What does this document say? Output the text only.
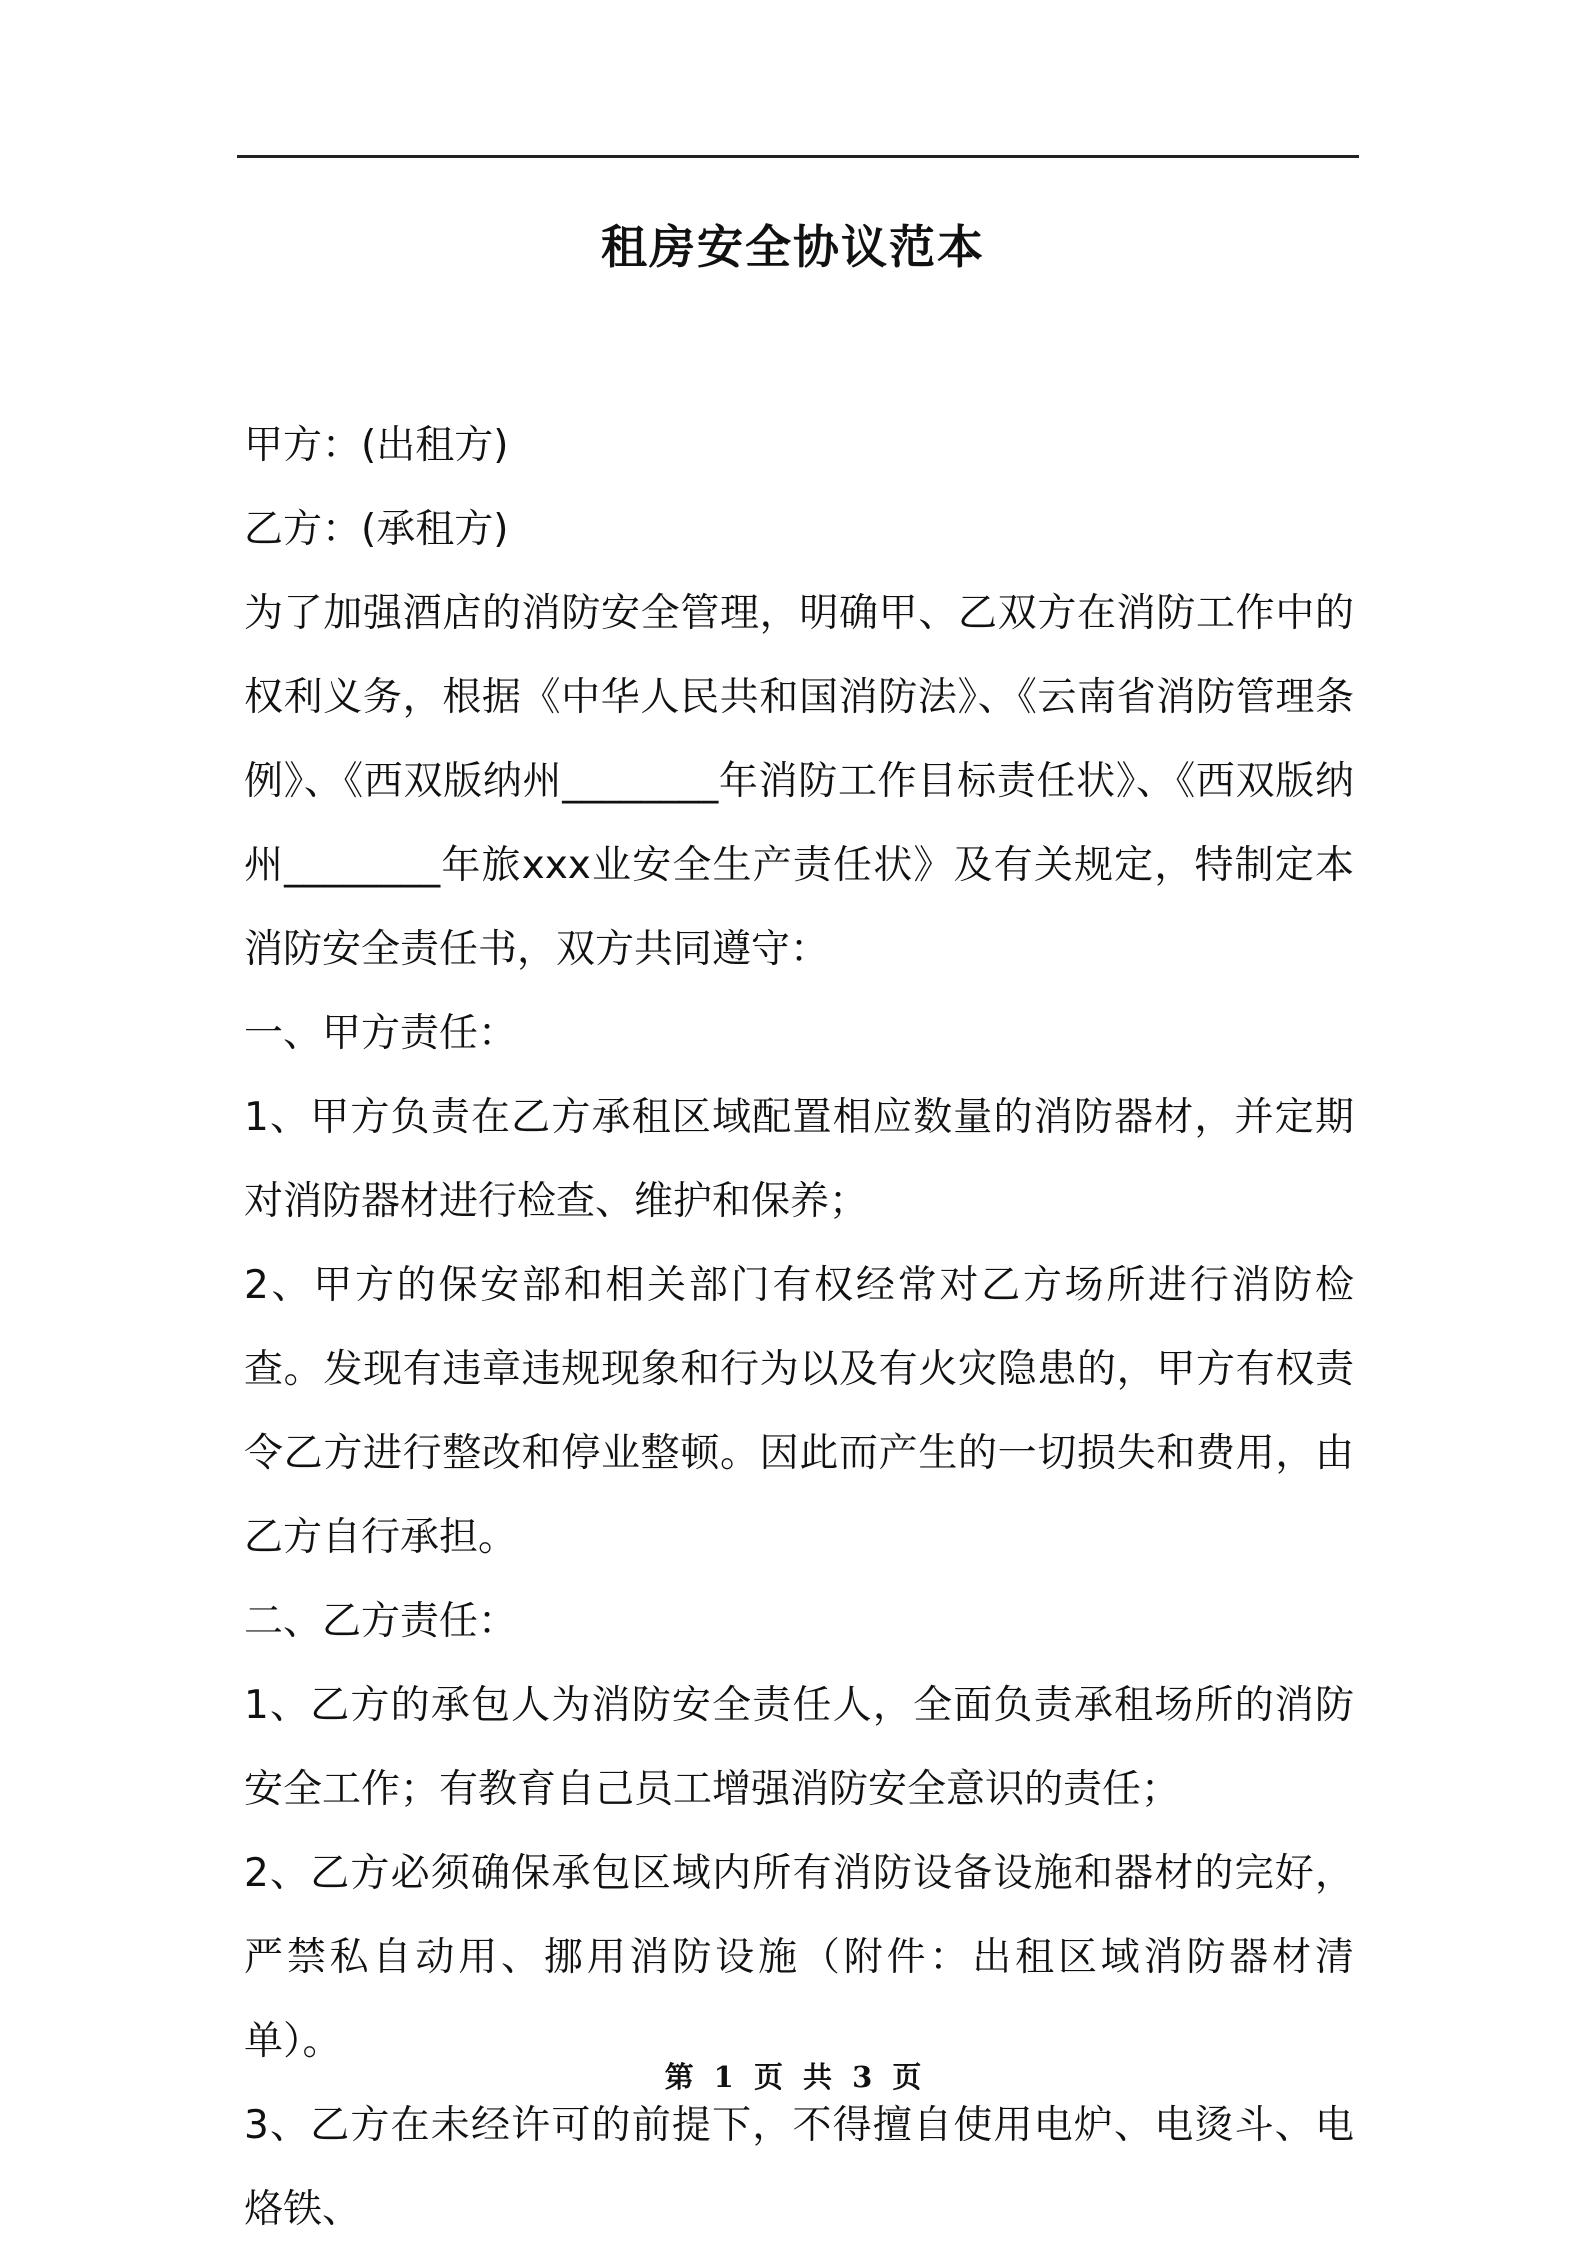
租房安全协议范本

甲方：(出租方)

乙方：(承租方)

为了加强酒店的消防安全管理，明确甲、乙双方在消防工作中的权利义务，根据《中华人民共和国消防法》、《云南省消防管理条例》、《西双版纳州________年消防工作目标责任状》、《西双版纳州________年旅xxx业安全生产责任状》及有关规定，特制定本消防安全责任书，双方共同遵守：

一、甲方责任：

1、甲方负责在乙方承租区域配置相应数量的消防器材，并定期对消防器材进行检查、维护和保养；

2、甲方的保安部和相关部门有权经常对乙方场所进行消防检查。发现有违章违规现象和行为以及有火灾隐患的，甲方有权责令乙方进行整改和停业整顿。因此而产生的一切损失和费用，由乙方自行承担。

二、乙方责任：

1、乙方的承包人为消防安全责任人，全面负责承租场所的消防安全工作；有教育自己员工增强消防安全意识的责任；

2、乙方必须确保承包区域内所有消防设备设施和器材的完好，严禁私自动用、挪用消防设施（附件：出租区域消防器材清单）。

3、乙方在未经许可的前提下，不得擅自使用电炉、电烫斗、电烙铁、

第 1 页 共 3 页
